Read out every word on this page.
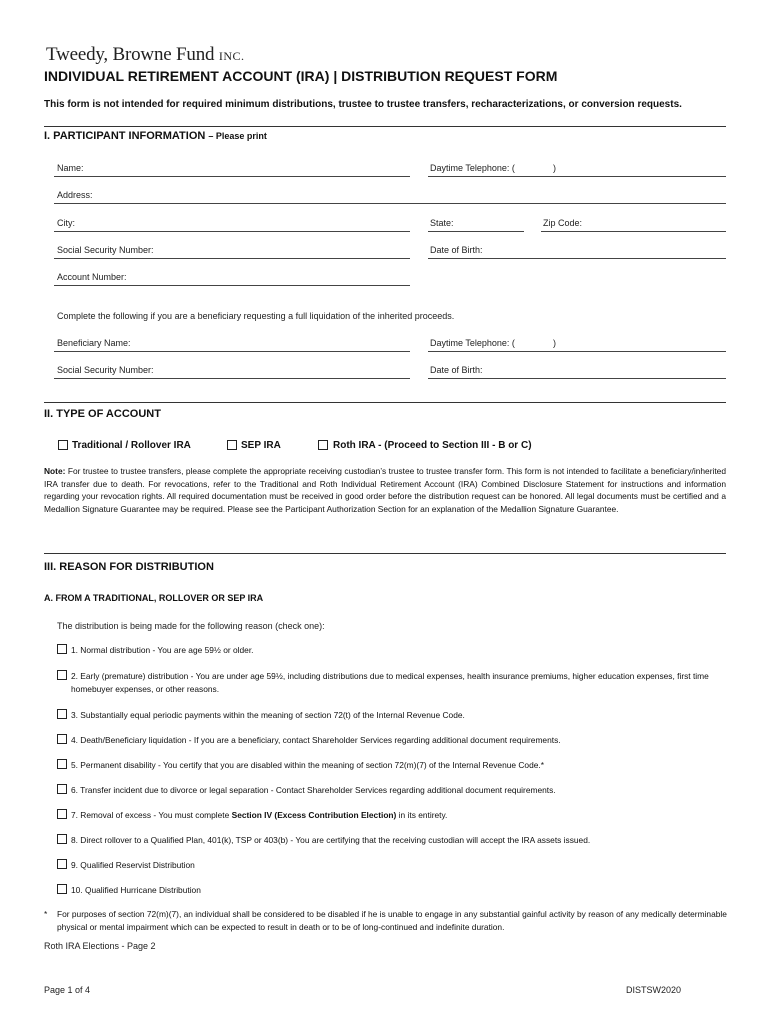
Tweedy, Browne Fund INC.
INDIVIDUAL RETIREMENT ACCOUNT (IRA) | DISTRIBUTION REQUEST FORM
This form is not intended for required minimum distributions, trustee to trustee transfers, recharacterizations, or conversion requests.
I. PARTICIPANT INFORMATION – Please print
Name:	Daytime Telephone: (	)
Address:
City:	State:	Zip Code:
Social Security Number:	Date of Birth:
Account Number:
Complete the following if you are a beneficiary requesting a full liquidation of the inherited proceeds.
Beneficiary Name:	Daytime Telephone: (	)
Social Security Number:	Date of Birth:
II. TYPE OF ACCOUNT
Traditional / Rollover IRA	SEP IRA	Roth IRA - (Proceed to Section III - B or C)
Note: For trustee to trustee transfers, please complete the appropriate receiving custodian’s trustee to trustee transfer form. This form is not intended to facilitate a beneficiary/inherited IRA transfer due to death. For revocations, refer to the Traditional and Roth Individual Retirement Account (IRA) Combined Disclosure Statement for instructions and information regarding your revocation rights. All required documentation must be received in good order before the distribution request can be honored. All legal documents must be certified and a Medallion Signature Guarantee may be required. Please see the Participant Authorization Section for an explanation of the Medallion Signature Guarantee.
III. REASON FOR DISTRIBUTION
A. FROM A TRADITIONAL, ROLLOVER OR SEP IRA
The distribution is being made for the following reason (check one):
1. Normal distribution - You are age 59½ or older.
2. Early (premature) distribution - You are under age 59½, including distributions due to medical expenses, health insurance premiums, higher education expenses, first time homebuyer expenses, or other reasons.
3. Substantially equal periodic payments within the meaning of section 72(t) of the Internal Revenue Code.
4. Death/Beneficiary liquidation - If you are a beneficiary, contact Shareholder Services regarding additional document requirements.
5. Permanent disability - You certify that you are disabled within the meaning of section 72(m)(7) of the Internal Revenue Code.*
6. Transfer incident due to divorce or legal separation - Contact Shareholder Services regarding additional document requirements.
7. Removal of excess - You must complete Section IV (Excess Contribution Election) in its entirety.
8. Direct rollover to a Qualified Plan, 401(k), TSP or 403(b) - You are certifying that the receiving custodian will accept the IRA assets issued.
9. Qualified Reservist Distribution
10. Qualified Hurricane Distribution
* For purposes of section 72(m)(7), an individual shall be considered to be disabled if he is unable to engage in any substantial gainful activity by reason of any medically determinable physical or mental impairment which can be expected to result in death or to be of long-continued and indefinite duration.
Roth IRA Elections - Page 2
Page 1 of 4	DISTSW2020
